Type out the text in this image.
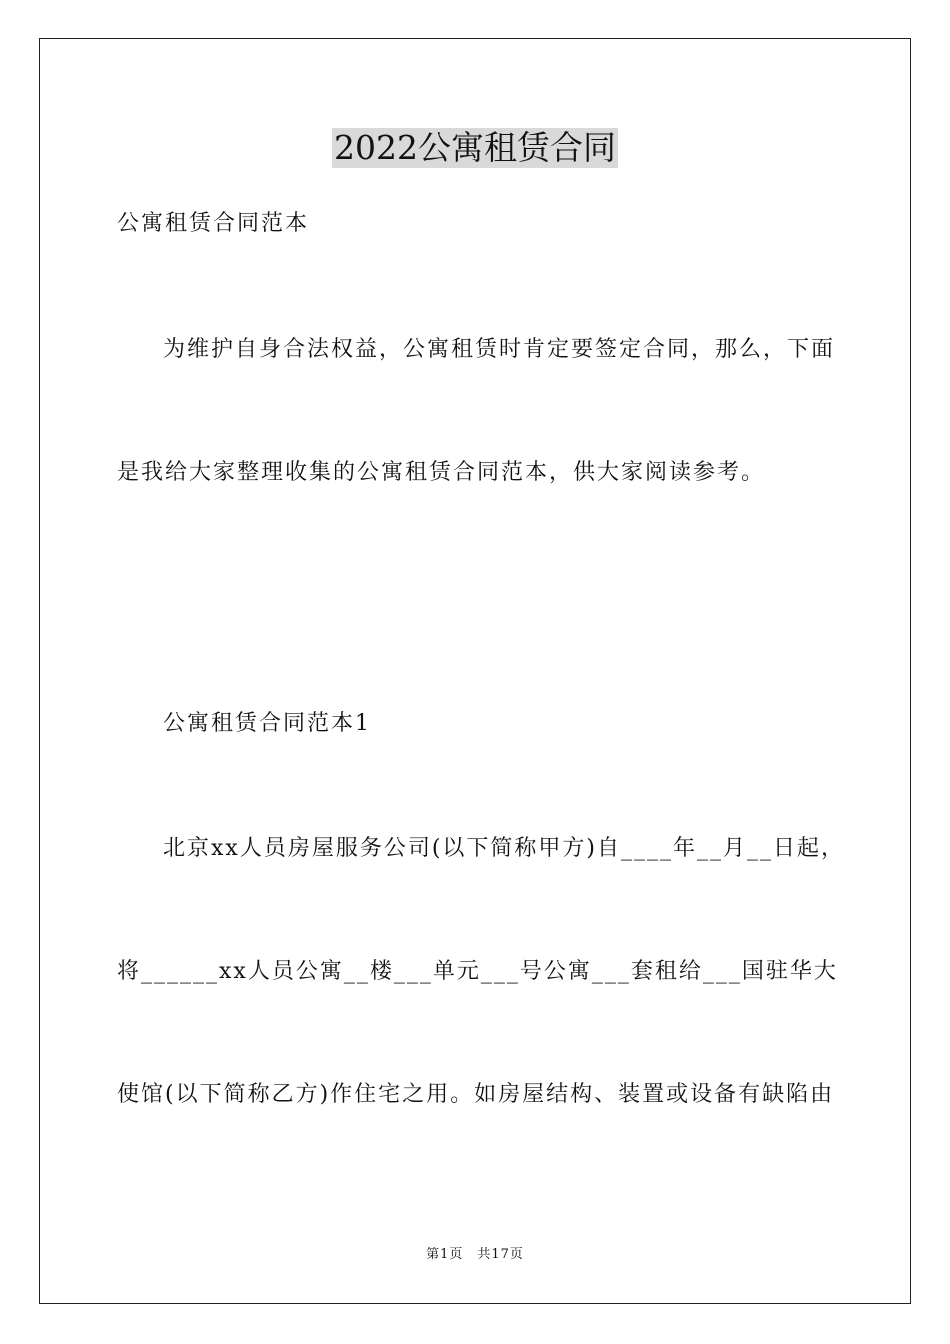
2022公寓租赁合同
公寓租赁合同范本
为维护自身合法权益，公寓租赁时肯定要签定合同，那么，下面
是我给大家整理收集的公寓租赁合同范本，供大家阅读参考。
公寓租赁合同范本1
北京xx人员房屋服务公司(以下简称甲方)自____年__月__日起，
将______xx人员公寓__楼___单元___号公寓___套租给___国驻华大
使馆(以下简称乙方)作住宅之用。如房屋结构、装置或设备有缺陷由
第1页 共17页
